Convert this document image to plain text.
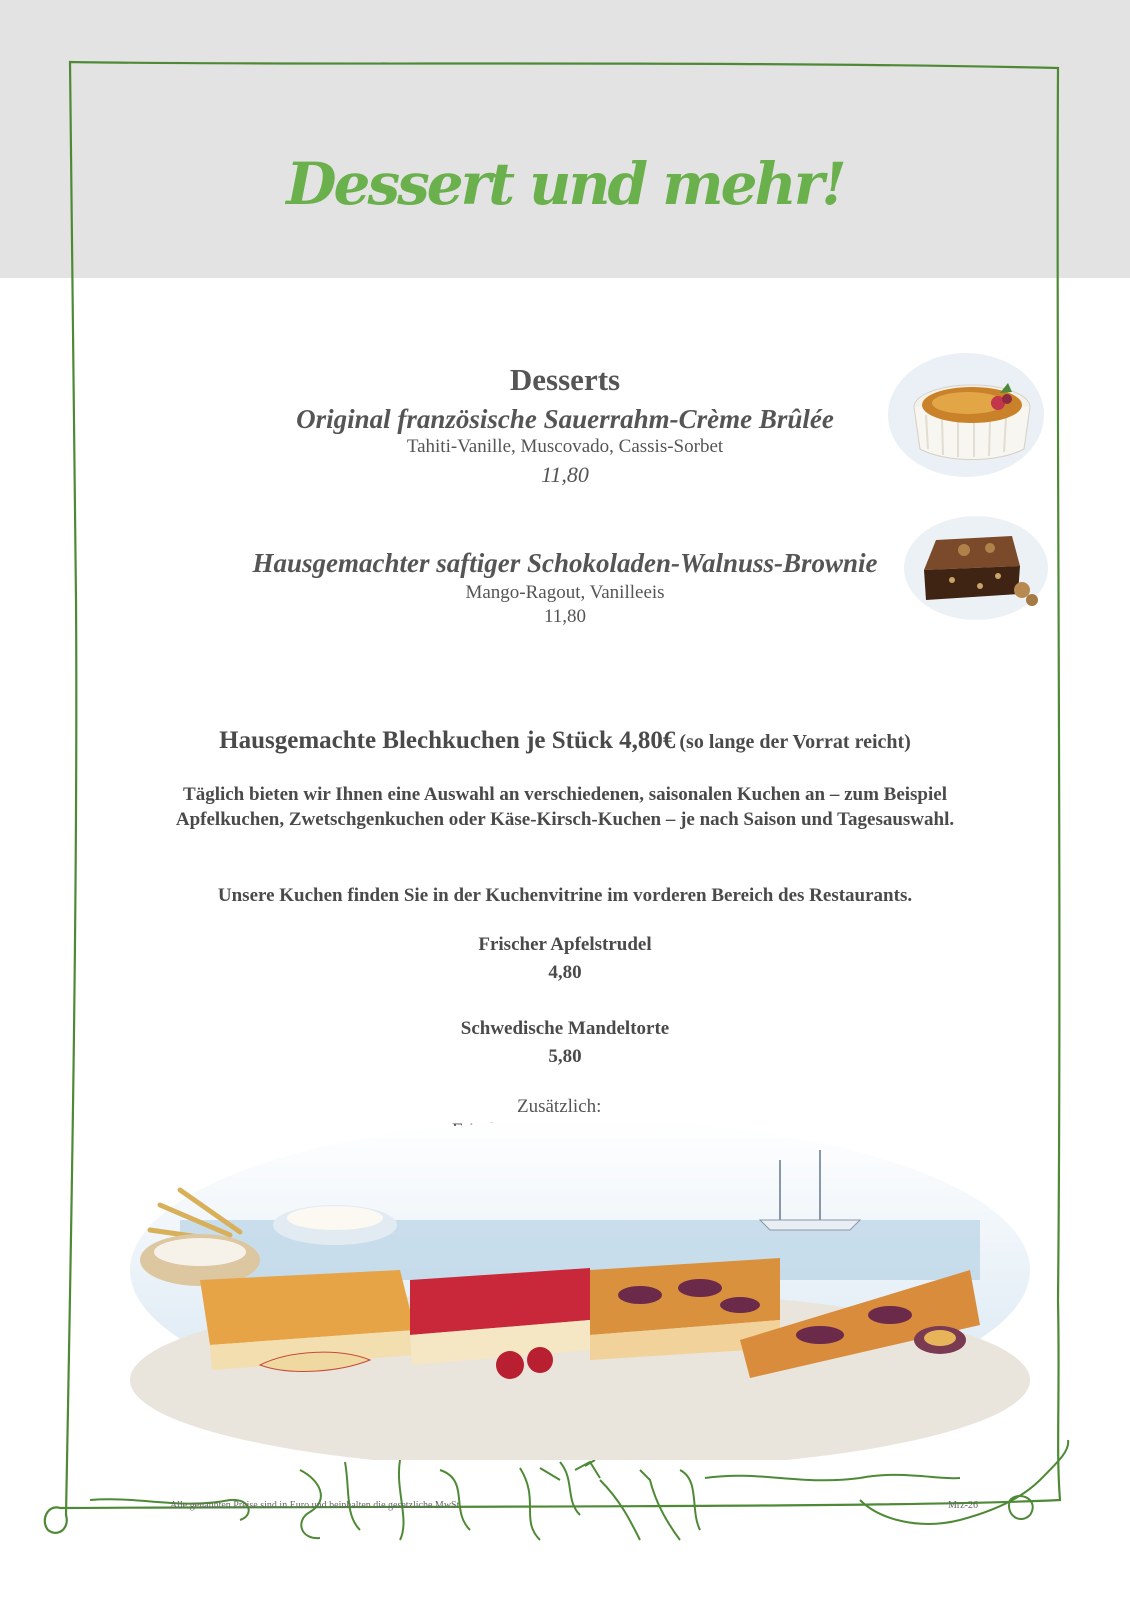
Dessert und mehr!
Desserts
Original französische Sauerrahm-Crème Brûlée
Tahiti-Vanille, Muscovado, Cassis-Sorbet
11,80
Hausgemachter saftiger Schokoladen-Walnuss-Brownie
Mango-Ragout, Vanilleeis
11,80
Hausgemachte Blechkuchen je Stück 4,80€ (so lange der Vorrat reicht)
Täglich bieten wir Ihnen eine Auswahl an verschiedenen, saisonalen Kuchen an – zum Beispiel Apfelkuchen, Zwetschgenkuchen oder Käse-Kirsch-Kuchen – je nach Saison und Tagesauswahl.
Unsere Kuchen finden Sie in der Kuchenvitrine im vorderen Bereich des Restaurants.
Frischer Apfelstrudel
4,80
Schwedische Mandeltorte
5,80
Zusätzlich:
Alle genannten Preise sind in Euro und beinhalten die gesetzliche MwSt.	Mrz-26
